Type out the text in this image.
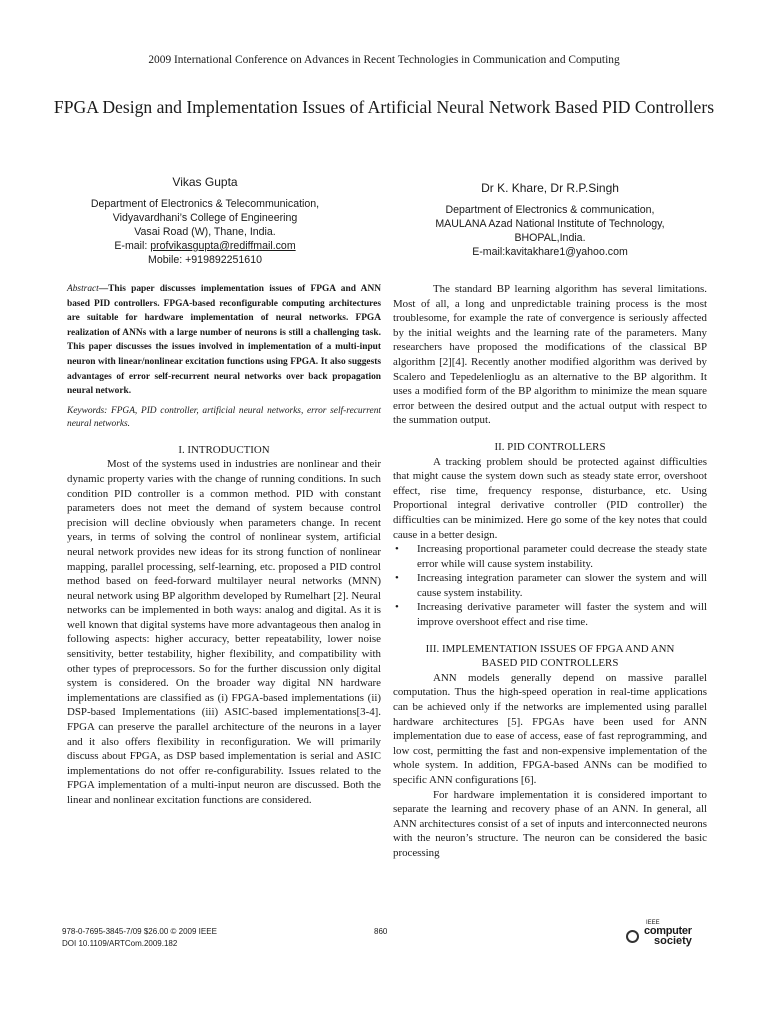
2009 International Conference on Advances in Recent Technologies in Communication and Computing
FPGA Design and Implementation Issues of Artificial Neural Network Based PID Controllers
Vikas Gupta
Department of Electronics & Telecommunication,
Vidyavardhani’s College of Engineering
Vasai Road (W), Thane, India.
E-mail: profvikasgupta@rediffmail.com
Mobile: +919892251610
Dr K. Khare, Dr R.P.Singh
Department of Electronics & communication,
MAULANA Azad National Institute of Technology,
BHOPAL,India.
E-mail:kavitakhare1@yahoo.com

Abstract—This paper discusses implementation issues of FPGA and ANN based PID controllers. FPGA-based reconfigurable computing architectures are suitable for hardware implementation of neural networks. FPGA realization of ANNs with a large number of neurons is still a challenging task. This paper discusses the issues involved in implementation of a multi-input neuron with linear/nonlinear excitation functions using FPGA. It also suggests advantages of error self-recurrent neural networks over back propagation neural network.

Keywords: FPGA, PID controller, artificial neural networks, error self-recurrent neural networks.

I. INTRODUCTION

Most of the systems used in industries are nonlinear and their dynamic property varies with the change of running conditions. In such condition PID controller is a common method. PID with constant parameters does not meet the demand of system because control precision will decline obviously when parameters change. In recent years, in terms of solving the control of nonlinear system, artificial neural network provides new ideas for its strong function of nonlinear mapping, parallel processing, self-learning, etc. proposed a PID control method based on feed-forward multilayer neural networks (MNN) neural network using BP algorithm developed by Rumelhart [2]. Neural networks can be implemented in both ways: analog and digital. As it is well known that digital systems have more advantageous then analog in following aspects: higher accuracy, better repeatability, lower noise sensitivity, better testability, higher flexibility, and compatibility with other types of preprocessors. So for the further discussion only digital system is considered. On the broader way digital NN hardware implementations are classified as (i) FPGA-based implementations (ii) DSP-based Implementations (iii) ASIC-based implementations[3-4]. FPGA can preserve the parallel architecture of the neurons in a layer and it also offers flexibility in reconfiguration. We will primarily discuss about FPGA, as DSP based implementation is serial and ASIC implementations do not offer re-configurability. Issues related to the FPGA implementation of a multi-input neuron are discussed. Both the linear and nonlinear excitation functions are considered.

The standard BP learning algorithm has several limitations. Most of all, a long and unpredictable training process is the most troublesome, for example the rate of convergence is seriously affected by the initial weights and the learning rate of the parameters. Many researchers have proposed the modifications of the classical BP algorithm [2][4]. Recently another modified algorithm was derived by Scalero and Tepedelenlioglu as an alternative to the BP algorithm. It uses a modified form of the BP algorithm to minimize the mean square error between the desired output and the actual output with respect to the summation output.

II. PID CONTROLLERS

A tracking problem should be protected against difficulties that might cause the system down such as steady state error, overshoot effect, rise time, frequency response, disturbance, etc. Using Proportional integral derivative controller (PID controller) the difficulties can be minimized. Here go some of the key notes that could cause in a better design.

• Increasing proportional parameter could decrease the steady state error while will cause system instability.
• Increasing integration parameter can slower the system and will cause system instability.
• Increasing derivative parameter will faster the system and will improve overshoot effect and rise time.

III. IMPLEMENTATION ISSUES OF FPGA AND ANN BASED PID CONTROLLERS

ANN models generally depend on massive parallel computation. Thus the high-speed operation in real-time applications can be achieved only if the networks are implemented using parallel hardware architectures [5]. FPGAs have been used for ANN implementation due to ease of access, ease of fast reprogramming, and low cost, permitting the fast and non-expensive implementation of the whole system. In addition, FPGA-based ANNs can be modified to specific ANN configurations [6].

For hardware implementation it is considered important to separate the learning and recovery phase of an ANN. In general, all ANN architectures consist of a set of inputs and interconnected neurons with the neuron’s structure. The neuron can be considered the basic processing

978-0-7695-3845-7/09 $26.00 © 2009 IEEE
DOI 10.1109/ARTCom.2009.182
860
IEEE
computer
society
